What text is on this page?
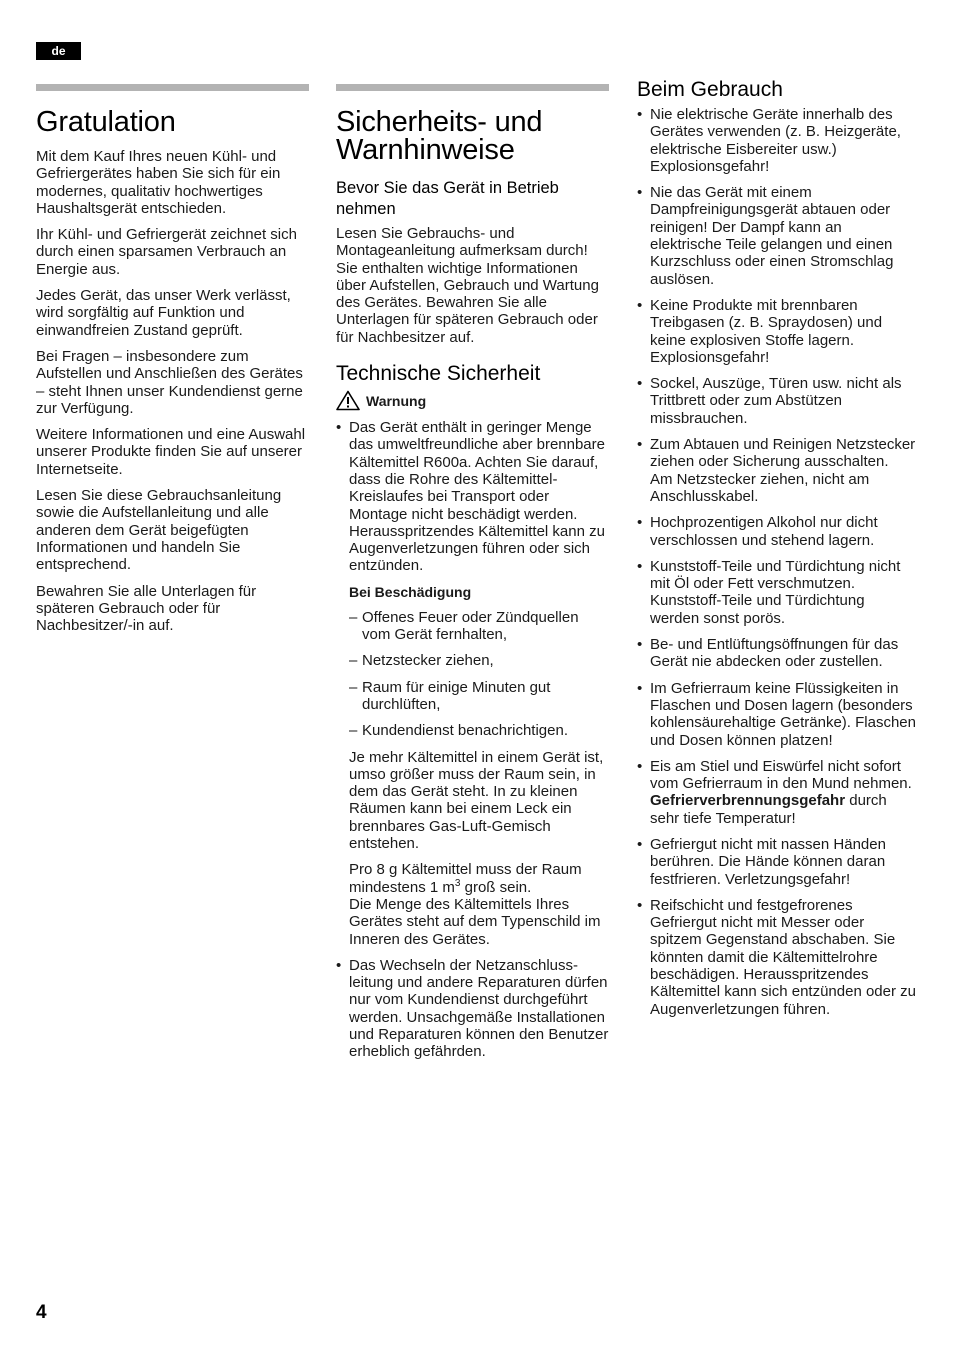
de
Gratulation

Mit dem Kauf Ihres neuen Kühl- und Gefriergerätes haben Sie sich für ein modernes, qualitativ hochwertiges Haushaltsgerät entschieden.

Ihr Kühl- und Gefriergerät zeichnet sich durch einen sparsamen Verbrauch an Energie aus.

Jedes Gerät, das unser Werk verlässt, wird sorgfältig auf Funktion und einwandfreien Zustand geprüft.

Bei Fragen – insbesondere zum Aufstellen und Anschließen des Gerätes – steht Ihnen unser Kundendienst gerne zur Verfügung.

Weitere Informationen und eine Auswahl unserer Produkte finden Sie auf unserer Internetseite.

Lesen Sie diese Gebrauchsanleitung sowie die Aufstellanleitung und alle anderen dem Gerät beigefügten Informationen und handeln Sie entsprechend.

Bewahren Sie alle Unterlagen für späteren Gebrauch oder für Nachbesitzer/-in auf.

Sicherheits- und Warnhinweise
Bevor Sie das Gerät in Betrieb nehmen

Lesen Sie Gebrauchs- und Montageanleitung aufmerksam durch! Sie enthalten wichtige Informationen über Aufstellen, Gebrauch und Wartung des Gerätes. Bewahren Sie alle Unterlagen für späteren Gebrauch oder für Nachbesitzer auf.

Technische Sicherheit
Warnung
• Das Gerät enthält in geringer Menge das umweltfreundliche aber brennbare Kältemittel R600a. Achten Sie darauf, dass die Rohre des Kältemittel-Kreislaufes bei Transport oder Montage nicht beschädigt werden. Herausspritzendes Kältemittel kann zu Augenverletzungen führen oder sich entzünden.
Bei Beschädigung
– Offenes Feuer oder Zündquellen vom Gerät fernhalten,
– Netzstecker ziehen,
– Raum für einige Minuten gut durchlüften,
– Kundendienst benachrichtigen.

Je mehr Kältemittel in einem Gerät ist, umso größer muss der Raum sein, in dem das Gerät steht. In zu kleinen Räumen kann bei einem Leck ein brennbares Gas-Luft-Gemisch entstehen.

Pro 8 g Kältemittel muss der Raum mindestens 1 $m^3$ groß sein.

Die Menge des Kältemittels Ihres Gerätes steht auf dem Typenschild im Inneren des Gerätes.

• Das Wechseln der Netzanschluss-leitung und andere Reparaturen dürfen nur vom Kundendienst durchgeführt werden. Unsachgemäße Installationen und Reparaturen können den Benutzer erheblich gefährden.
Beim Gebrauch
• Nie elektrische Geräte innerhalb des Gerätes verwenden (z. B. Heizgeräte, elektrische Eisbereiter usw.) Explosionsgefahr!
• Nie das Gerät mit einem Dampfreinigungsgerät abtauen oder reinigen! Der Dampf kann an elektrische Teile gelangen und einen Kurzschluss oder einen Stromschlag auslösen.
• Keine Produkte mit brennbaren Treibgasen (z. B. Spraydosen) und keine explosiven Stoffe lagern. Explosionsgefahr!
• Sockel, Auszüge, Türen usw. nicht als Trittbrett oder zum Abstützen missbrauchen.
• Zum Abtauen und Reinigen Netzstecker ziehen oder Sicherung ausschalten.
Am Netzstecker ziehen, nicht am Anschlusskabel.
• Hochprozentigen Alkohol nur dicht verschlossen und stehend lagern.
• Kunststoff-Teile und Türdichtung nicht mit Öl oder Fett verschmutzen. Kunststoff-Teile und Türdichtung werden sonst porös.
• Be- und Entlüftungsöffnungen für das Gerät nie abdecken oder zustellen.
• Im Gefrierraum keine Flüssigkeiten in Flaschen und Dosen lagern (besonders kohlensäurehaltige Getränke). Flaschen und Dosen können platzen!
• Eis am Stiel und Eiswürfel nicht sofort vom Gefrierraum in den Mund nehmen.
Gefrierverbrennungsgefahr durch sehr tiefe Temperatur!
• Gefriergut nicht mit nassen Händen berühren. Die Hände können daran festfrieren. Verletzungsgefahr!
• Reifschicht und festgefrorenes Gefriergut nicht mit Messer oder spitzem Gegenstand abschaben. Sie könnten damit die Kältemittelrohre beschädigen. Herausspritzendes Kältemittel kann sich entzünden oder zu Augenverletzungen führen.
4
